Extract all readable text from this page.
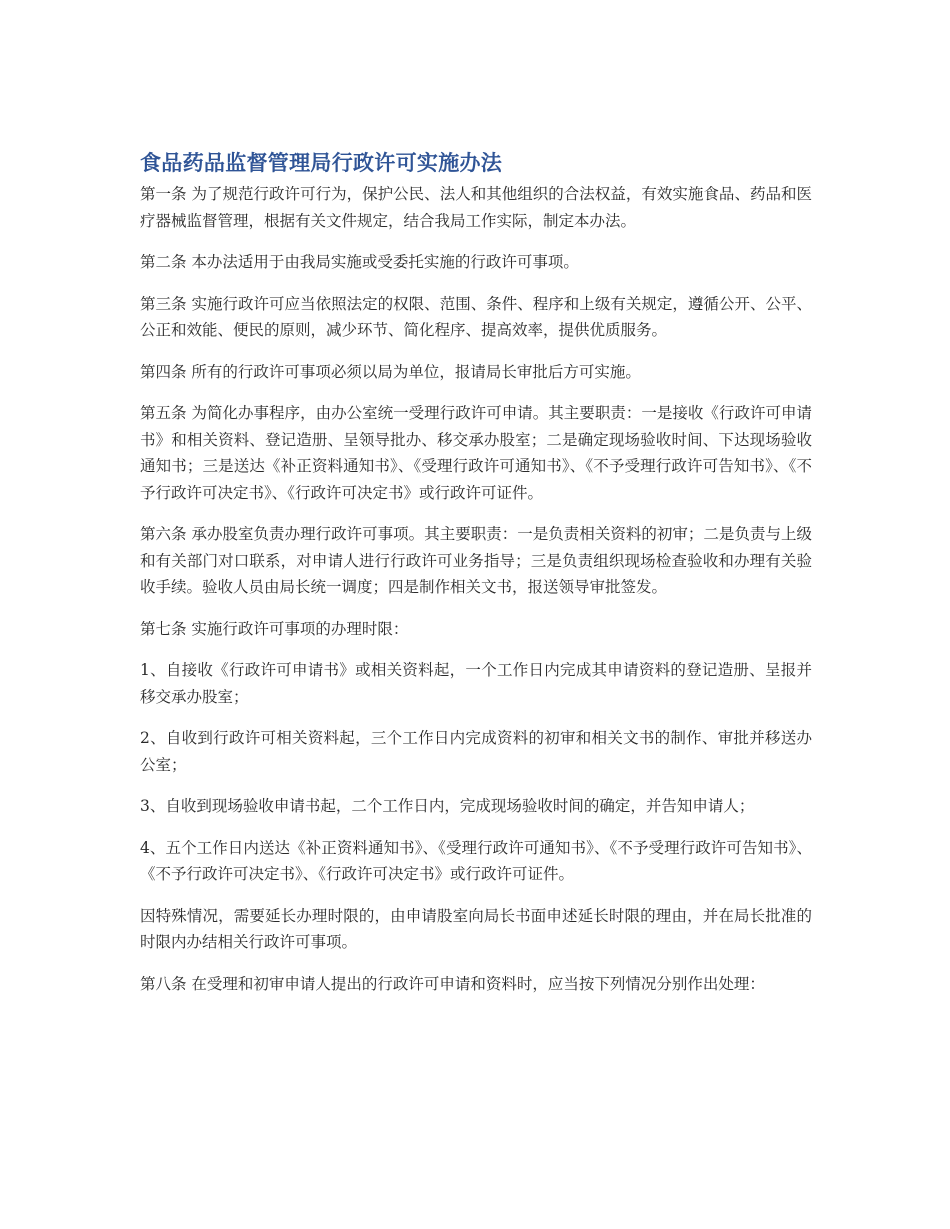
食品药品监督管理局行政许可实施办法

第一条 为了规范行政许可行为，保护公民、法人和其他组织的合法权益，有效实施食品、药品和医疗器械监督管理，根据有关文件规定，结合我局工作实际，制定本办法。

第二条 本办法适用于由我局实施或受委托实施的行政许可事项。

第三条 实施行政许可应当依照法定的权限、范围、条件、程序和上级有关规定，遵循公开、公平、公正和效能、便民的原则，减少环节、简化程序、提高效率，提供优质服务。

第四条 所有的行政许可事项必须以局为单位，报请局长审批后方可实施。

第五条 为简化办事程序，由办公室统一受理行政许可申请。其主要职责：一是接收《行政许可申请书》和相关资料、登记造册、呈领导批办、移交承办股室；二是确定现场验收时间、下达现场验收通知书；三是送达《补正资料通知书》、《受理行政许可通知书》、《不予受理行政许可告知书》、《不予行政许可决定书》、《行政许可决定书》或行政许可证件。

第六条 承办股室负责办理行政许可事项。其主要职责：一是负责相关资料的初审；二是负责与上级和有关部门对口联系，对申请人进行行政许可业务指导；三是负责组织现场检查验收和办理有关验收手续。验收人员由局长统一调度；四是制作相关文书，报送领导审批签发。

第七条 实施行政许可事项的办理时限：

1、自接收《行政许可申请书》或相关资料起，一个工作日内完成其申请资料的登记造册、呈报并移交承办股室；

2、自收到行政许可相关资料起，三个工作日内完成资料的初审和相关文书的制作、审批并移送办公室；

3、自收到现场验收申请书起，二个工作日内，完成现场验收时间的确定，并告知申请人；

4、五个工作日内送达《补正资料通知书》、《受理行政许可通知书》、《不予受理行政许可告知书》、《不予行政许可决定书》、《行政许可决定书》或行政许可证件。

因特殊情况，需要延长办理时限的，由申请股室向局长书面申述延长时限的理由，并在局长批准的时限内办结相关行政许可事项。

第八条 在受理和初审申请人提出的行政许可申请和资料时，应当按下列情况分别作出处理：
